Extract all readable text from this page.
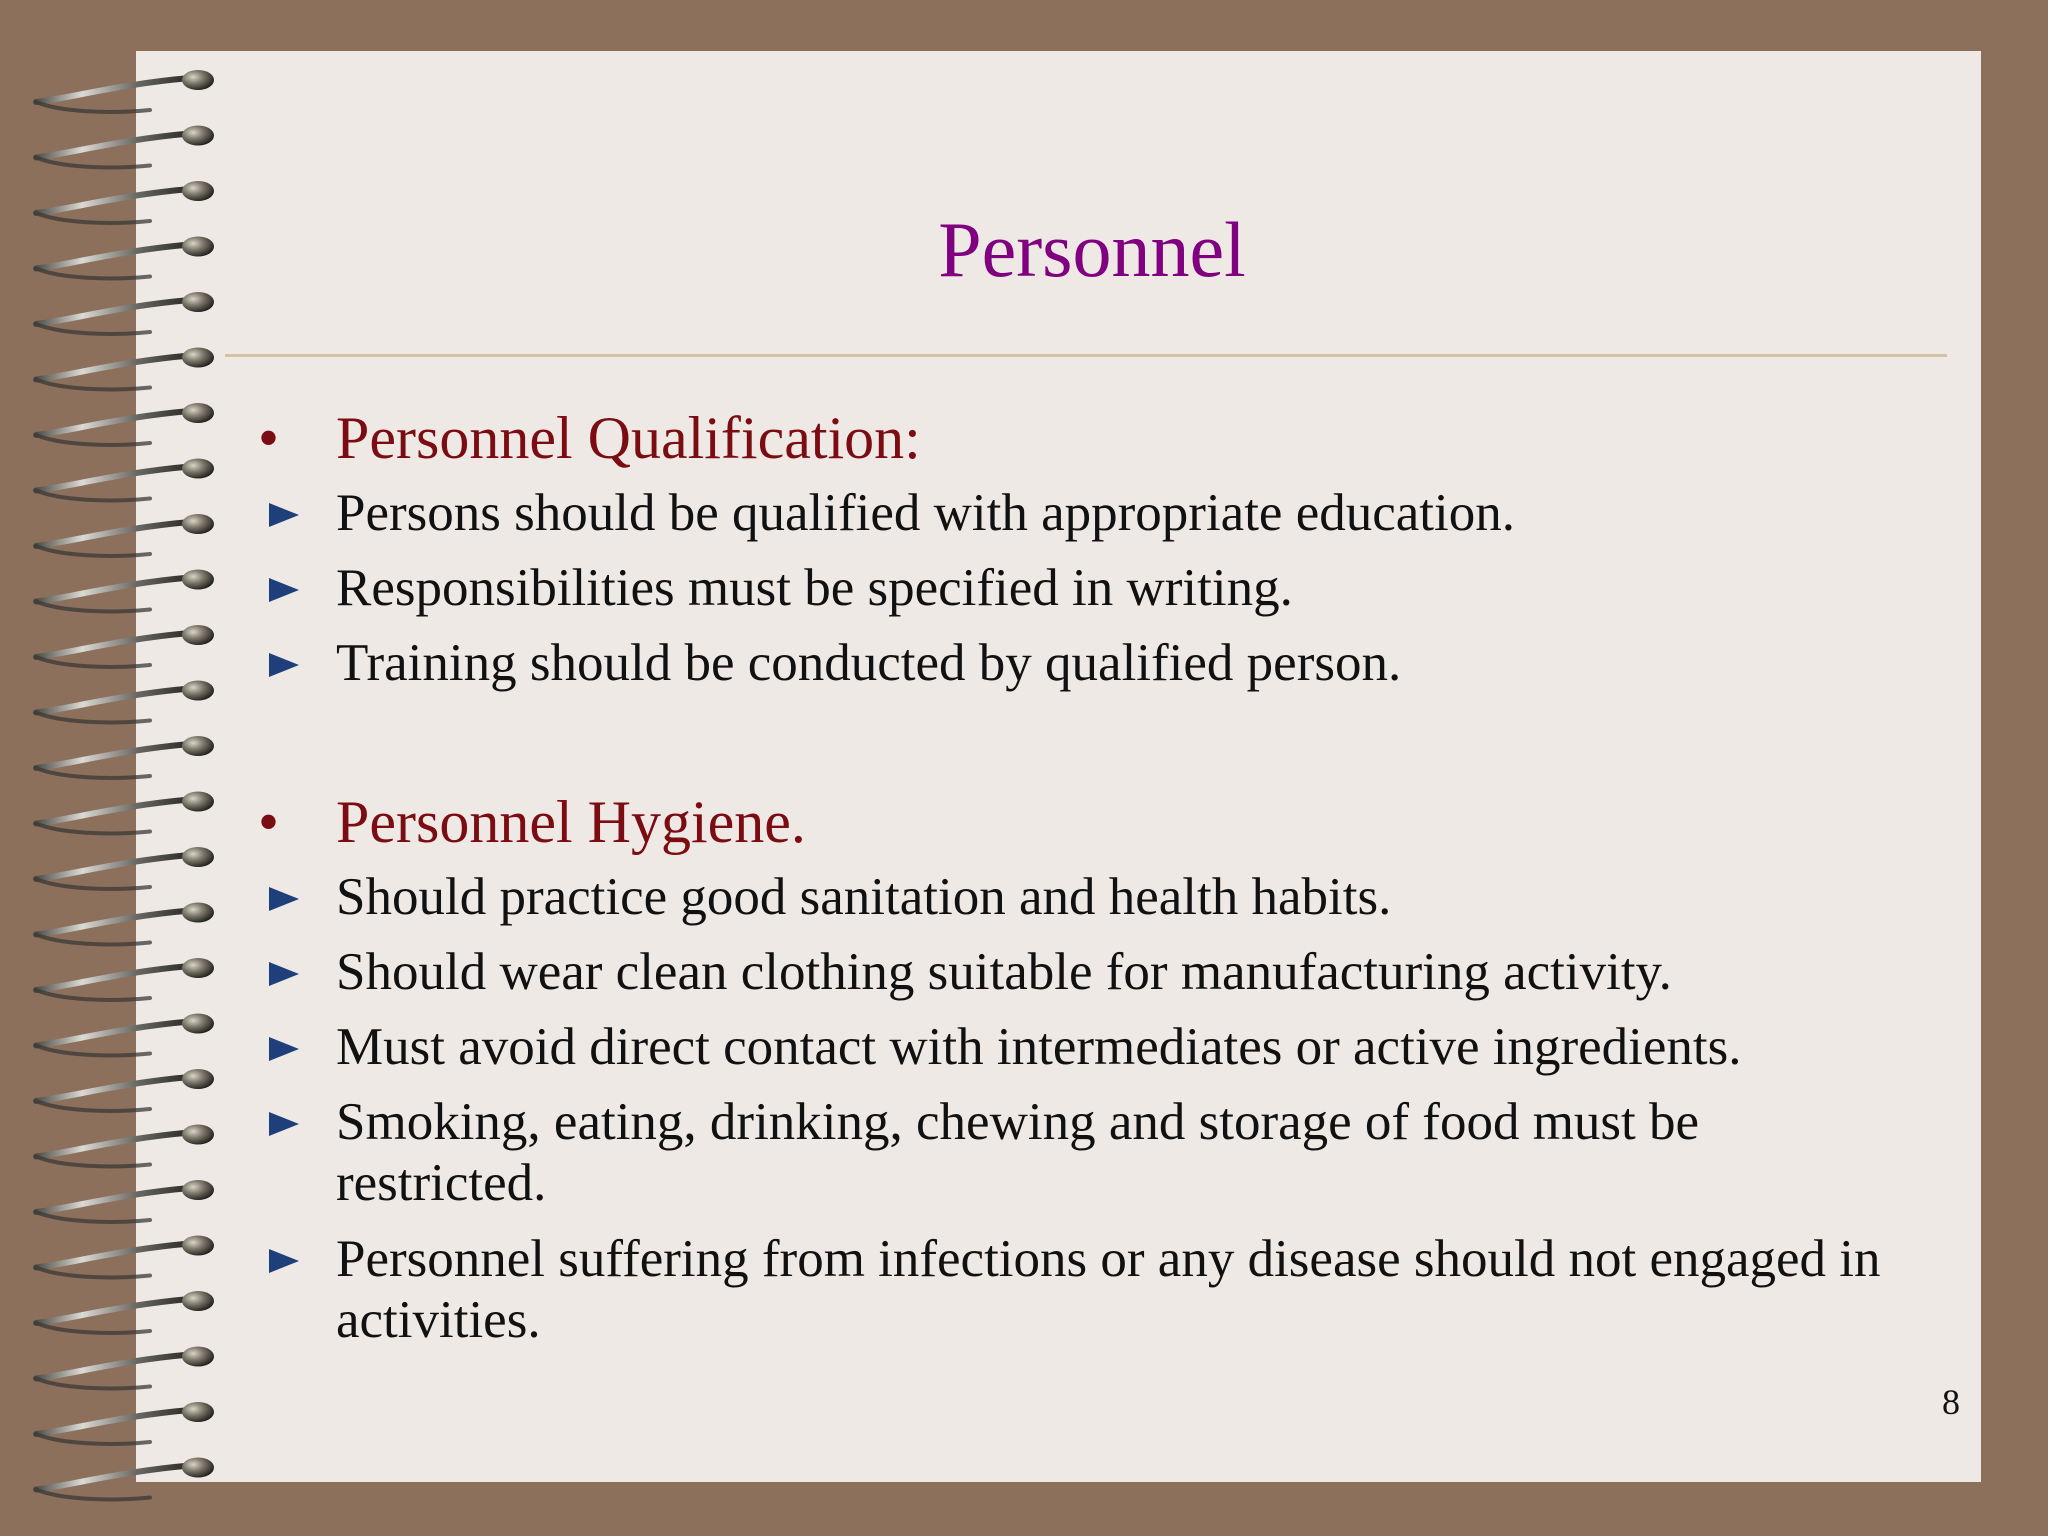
Personnel
• Personnel Qualification:
Persons should be qualified with appropriate education.
Responsibilities must be specified in writing.
Training should be conducted by qualified person.
• Personnel Hygiene.
Should practice good sanitation and health habits.
Should wear clean clothing suitable for manufacturing activity.
Must avoid direct contact with intermediates or active ingredients.
Smoking, eating, drinking, chewing and storage of food must be restricted.
Personnel suffering from infections or any disease should not engaged in activities.
8
